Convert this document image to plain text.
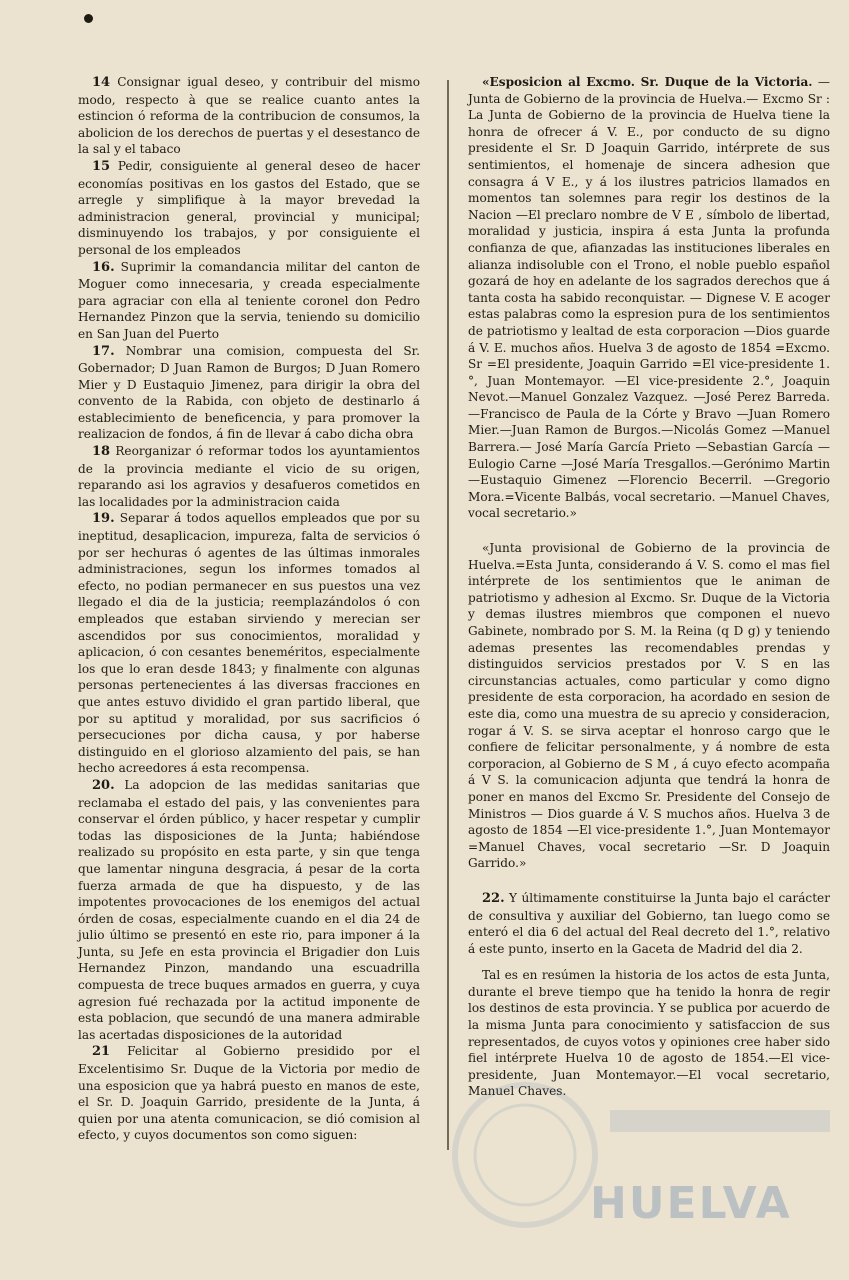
14 Consignar igual deseo, y contribuir del mismo modo, respecto à que se realice cuanto antes la estincion ó reforma de la contribucion de consumos, la abolicion de los derechos de puertas y el desestanco de la sal y el tabaco

15 Pedir, consiguiente al general deseo de hacer economías positivas en los gastos del Estado, que se arregle y simplifique à la mayor brevedad la administracion general, provincial y municipal; disminuyendo los trabajos, y por consiguiente el personal de los empleados

16. Suprimir la comandancia militar del canton de Moguer como innecesaria, y creada especialmente para agraciar con ella al teniente coronel don Pedro Hernandez Pinzon que la servia, teniendo su domicilio en San Juan del Puerto

17. Nombrar una comision, compuesta del Sr. Gobernador; D Juan Ramon de Burgos; D Juan Romero Mier y D Eustaquio Jimenez, para dirigir la obra del convento de la Rabida, con objeto de destinarlo á establecimiento de beneficencia, y para promover la realizacion de fondos, á fin de llevar á cabo dicha obra

18 Reorganizar ó reformar todos los ayuntamientos de la provincia mediante el vicio de su origen, reparando asi los agravios y desafueros cometidos en las localidades por la administracion caida

19. Separar á todos aquellos empleados que por su ineptitud, desaplicacion, impureza, falta de servicios ó por ser hechuras ó agentes de las últimas inmorales administraciones, segun los informes tomados al efecto, no podian permanecer en sus puestos una vez llegado el dia de la justicia; reemplazándolos ó con empleados que estaban sirviendo y merecian ser ascendidos por sus conocimientos, moralidad y aplicacion, ó con cesantes beneméritos, especialmente los que lo eran desde 1843; y finalmente con algunas personas pertenecientes á las diversas fracciones en que antes estuvo dividido el gran partido liberal, que por su aptitud y moralidad, por sus sacrificios ó persecuciones por dicha causa, y por haberse distinguido en el glorioso alzamiento del pais, se han hecho acreedores á esta recompensa.

20. La adopcion de las medidas sanitarias que reclamaba el estado del pais, y las convenientes para conservar el órden público, y hacer respetar y cumplir todas las disposiciones de la Junta; habiéndose realizado su propósito en esta parte, y sin que tenga que lamentar ninguna desgracia, á pesar de la corta fuerza armada de que ha dispuesto, y de las impotentes provocaciones de los enemigos del actual órden de cosas, especialmente cuando en el dia 24 de julio último se presentó en este rio, para imponer á la Junta, su Jefe en esta provincia el Brigadier don Luis Hernandez Pinzon, mandando una escuadrilla compuesta de trece buques armados en guerra, y cuya agresion fué rechazada por la actitud imponente de esta poblacion, que secundó de una manera admirable las acertadas disposiciones de la autoridad

21 Felicitar al Gobierno presidido por el Excelentisimo Sr. Duque de la Victoria por medio de una esposicion que ya habrá puesto en manos de este, el Sr. D. Joaquin Garrido, presidente de la Junta, á quien por una atenta comunicacion, se dió comision al efecto, y cuyos documentos son como siguen:

«Esposicion al Excmo. Sr. Duque de la Victoria. —Junta de Gobierno de la provincia de Huelva.— Excmo Sr : La Junta de Gobierno de la provincia de Huelva tiene la honra de ofrecer á V. E., por conducto de su digno presidente el Sr. D Joaquin Garrido, intérprete de sus sentimientos, el homenaje de sincera adhesion que consagra á V E., y á los ilustres patricios llamados en momentos tan solemnes para regir los destinos de la Nacion —El preclaro nombre de V E , símbolo de libertad, moralidad y justicia, inspira á esta Junta la profunda confianza de que, afianzadas las instituciones liberales en alianza indisoluble con el Trono, el noble pueblo español gozará de hoy en adelante de los sagrados derechos que á tanta costa ha sabido reconquistar. — Dignese V. E acoger estas palabras como la espresion pura de los sentimientos de patriotismo y lealtad de esta corporacion —Dios guarde á V. E. muchos años. Huelva 3 de agosto de 1854 =Excmo. Sr =El presidente, Joaquin Garrido =El vice-presidente 1.°, Juan Montemayor. —El vice-presidente 2.°, Joaquin Nevot.—Manuel Gonzalez Vazquez. —José Perez Barreda.—Francisco de Paula de la Córte y Bravo —Juan Romero Mier.—Juan Ramon de Burgos.—Nicolás Gomez —Manuel Barrera.— José María García Prieto —Sebastian García —Eulogio Carne —José María Tresgallos.—Gerónimo Martin —Eustaquio Gimenez —Florencio Becerril. —Gregorio Mora.=Vicente Balbás, vocal secretario. —Manuel Chaves, vocal secretario.»

«Junta provisional de Gobierno de la provincia de Huelva.=Esta Junta, considerando á V. S. como el mas fiel intérprete de los sentimientos que le animan de patriotismo y adhesion al Excmo. Sr. Duque de la Victoria y demas ilustres miembros que componen el nuevo Gabinete, nombrado por S. M. la Reina (q D g) y teniendo ademas presentes las recomendables prendas y distinguidos servicios prestados por V. S en las circunstancias actuales, como particular y como digno presidente de esta corporacion, ha acordado en sesion de este dia, como una muestra de su aprecio y consideracion, rogar á V. S. se sirva aceptar el honroso cargo que le confiere de felicitar personalmente, y á nombre de esta corporacion, al Gobierno de S M , á cuyo efecto acompaña á V S. la comunicacion adjunta que tendrá la honra de poner en manos del Excmo Sr. Presidente del Consejo de Ministros — Dios guarde á V. S muchos años. Huelva 3 de agosto de 1854 —El vice-presidente 1.°, Juan Montemayor =Manuel Chaves, vocal secretario —Sr. D Joaquin Garrido.»

22. Y últimamente constituirse la Junta bajo el carácter de consultiva y auxiliar del Gobierno, tan luego como se enteró el dia 6 del actual del Real decreto del 1.°, relativo á este punto, inserto en la Gaceta de Madrid del dia 2.

Tal es en resúmen la historia de los actos de esta Junta, durante el breve tiempo que ha tenido la honra de regir los destinos de esta provincia. Y se publica por acuerdo de la misma Junta para conocimiento y satisfaccion de sus representados, de cuyos votos y opiniones cree haber sido fiel intérprete Huelva 10 de agosto de 1854.—El vice-presidente, Juan Montemayor.—El vocal secretario, Manuel Chaves.

HUELVA
